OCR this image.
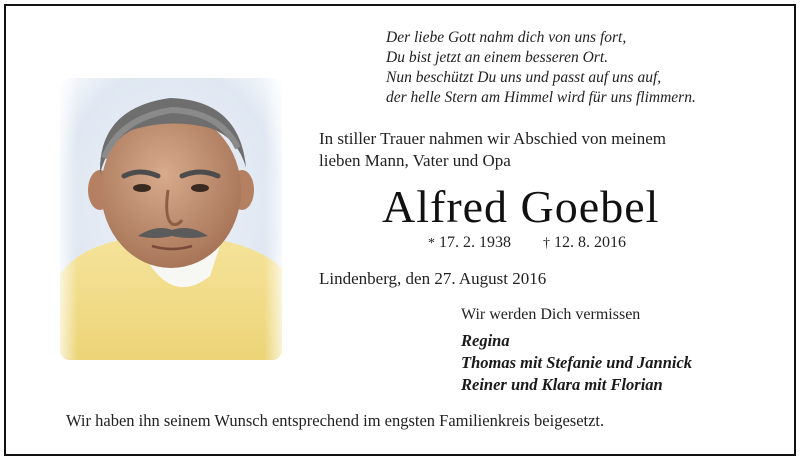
Der liebe Gott nahm dich von uns fort,
Du bist jetzt an einem besseren Ort.
Nun beschützt Du uns und passt auf uns auf,
der helle Stern am Himmel wird für uns flimmern.
In stiller Trauer nahmen wir Abschied von meinem
lieben Mann, Vater und Opa
Alfred Goebel
* 17. 2. 1938 † 12. 8. 2016
Lindenberg, den 27. August 2016
Wir werden Dich vermissen
Regina
Thomas mit Stefanie und Jannick
Reiner und Klara mit Florian
Wir haben ihn seinem Wunsch entsprechend im engsten Familienkreis beigesetzt.
